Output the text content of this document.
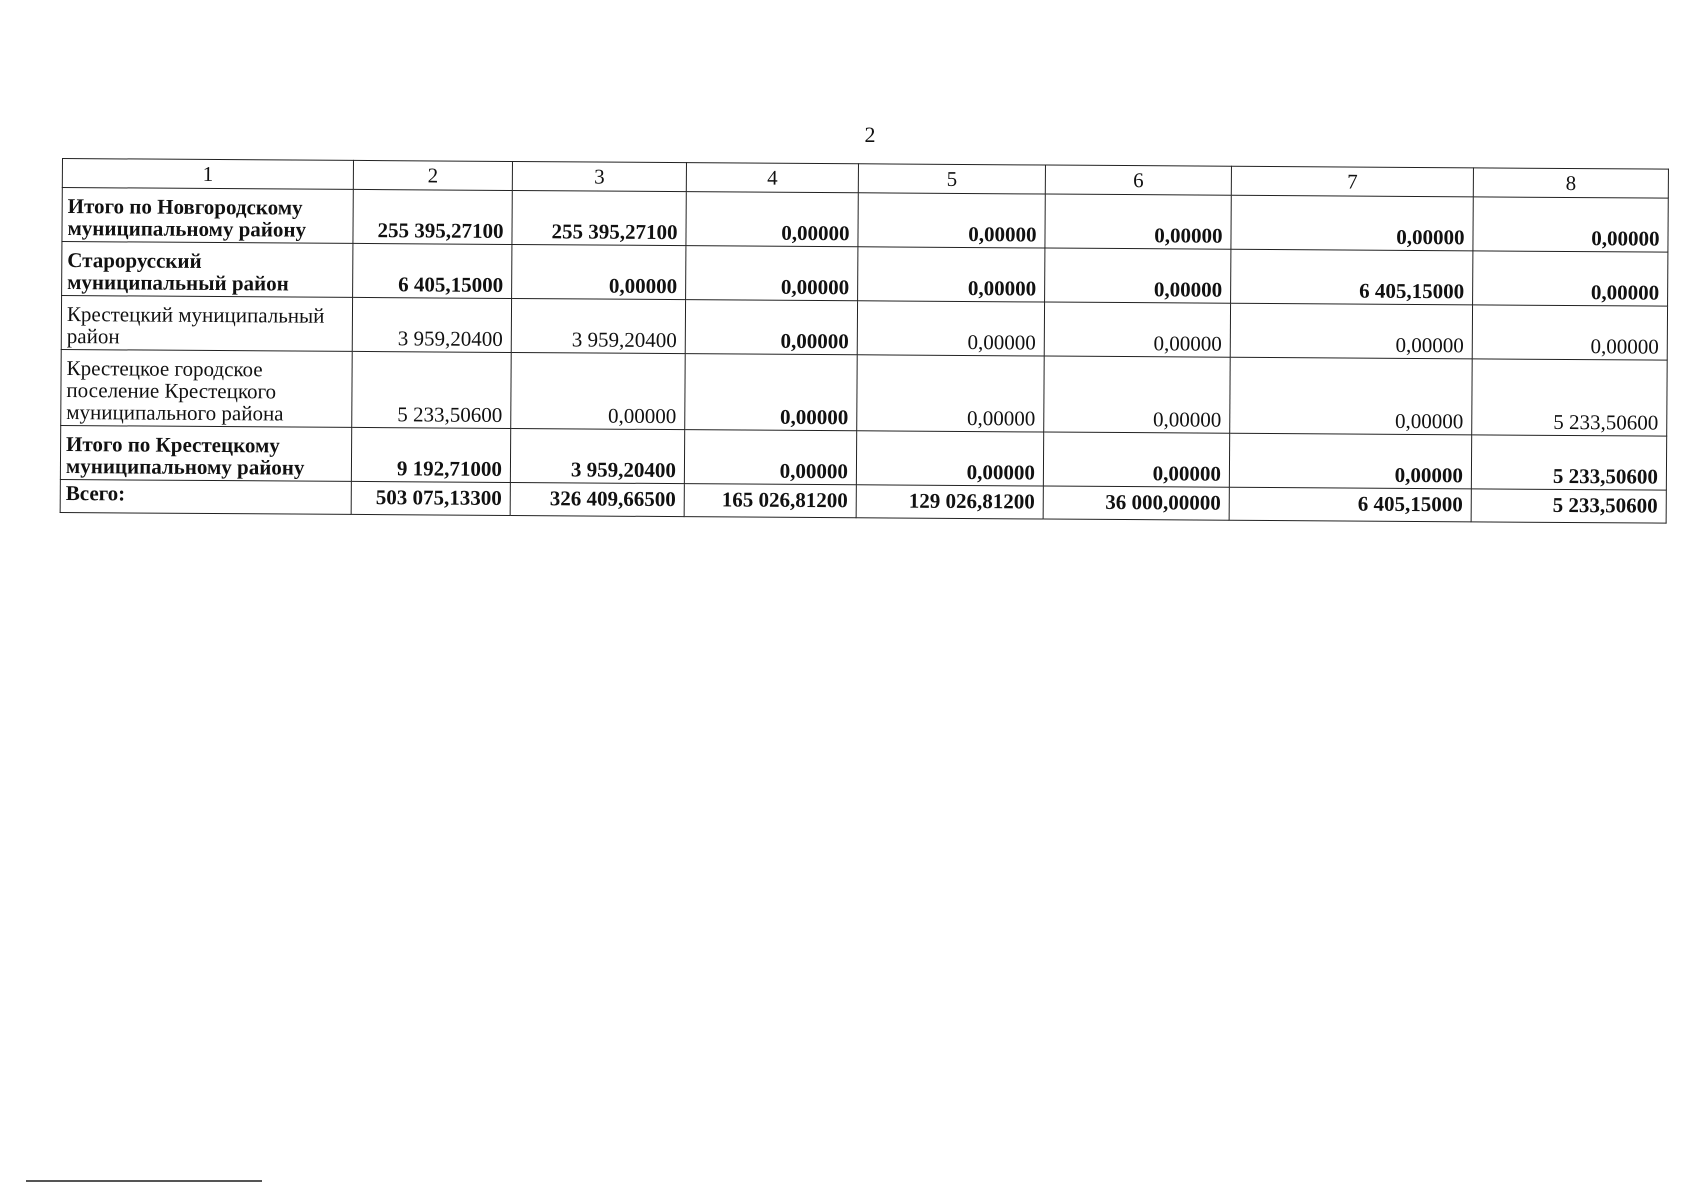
2
1	2	3	4	5	6	7	8
Итого по Новгородскому муниципальному району	255 395,27100	255 395,27100	0,00000	0,00000	0,00000	0,00000	0,00000
Старорусский муниципальный район	6 405,15000	0,00000	0,00000	0,00000	0,00000	6 405,15000	0,00000
Крестецкий муниципальный район	3 959,20400	3 959,20400	0,00000	0,00000	0,00000	0,00000	0,00000
Крестецкое городское поселение Крестецкого муниципального района	5 233,50600	0,00000	0,00000	0,00000	0,00000	0,00000	5 233,50600
Итого по Крестецкому муниципальному району	9 192,71000	3 959,20400	0,00000	0,00000	0,00000	0,00000	5 233,50600
Всего:	503 075,13300	326 409,66500	165 026,81200	129 026,81200	36 000,00000	6 405,15000	5 233,50600
